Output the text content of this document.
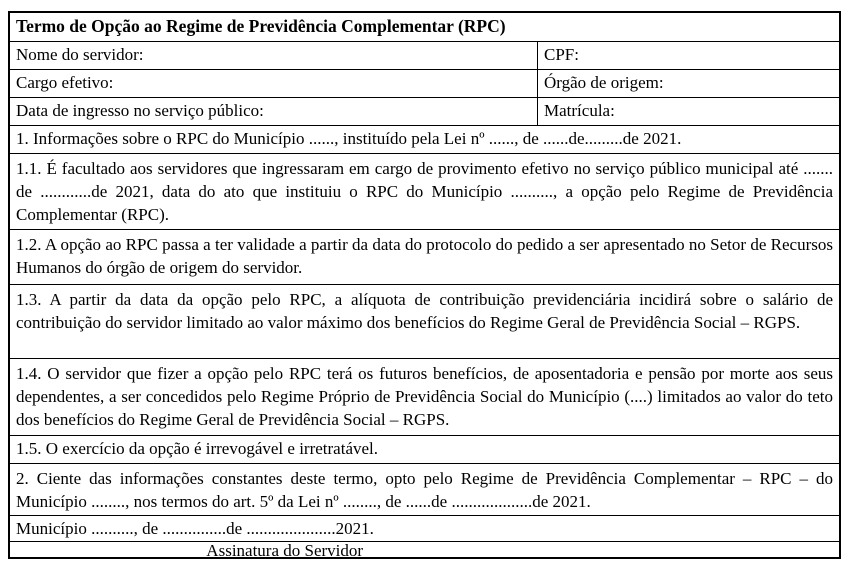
Termo de Opção ao Regime de Previdência Complementar (RPC)
Nome do servidor:	CPF:
Cargo efetivo:	Órgão de origem:
Data de ingresso no serviço público:	Matrícula:
1. Informações sobre o RPC do Município ......, instituído pela Lei nº ......, de ......de.........de 2021.
1.1. É facultado aos servidores que ingressaram em cargo de provimento efetivo no serviço público municipal até ....... de ............de 2021, data do ato que instituiu o RPC do Município .........., a opção pelo Regime de Previdência Complementar (RPC).
1.2. A opção ao RPC passa a ter validade a partir da data do protocolo do pedido a ser apresentado no Setor de Recursos Humanos do órgão de origem do servidor.
1.3. A partir da data da opção pelo RPC, a alíquota de contribuição previdenciária incidirá sobre o salário de contribuição do servidor limitado ao valor máximo dos benefícios do Regime Geral de Previdência Social – RGPS.
1.4. O servidor que fizer a opção pelo RPC terá os futuros benefícios, de aposentadoria e pensão por morte aos seus dependentes, a ser concedidos pelo Regime Próprio de Previdência Social do Município (....) limitados ao valor do teto dos benefícios do Regime Geral de Previdência Social – RGPS.
1.5. O exercício da opção é irrevogável e irretratável.
2. Ciente das informações constantes deste termo, opto pelo Regime de Previdência Complementar – RPC – do Município ........, nos termos do art. 5º da Lei nº ........, de ......de ...................de 2021.
Município .........., de ...............de .....................2021.
______________________ Assinatura do Servidor
